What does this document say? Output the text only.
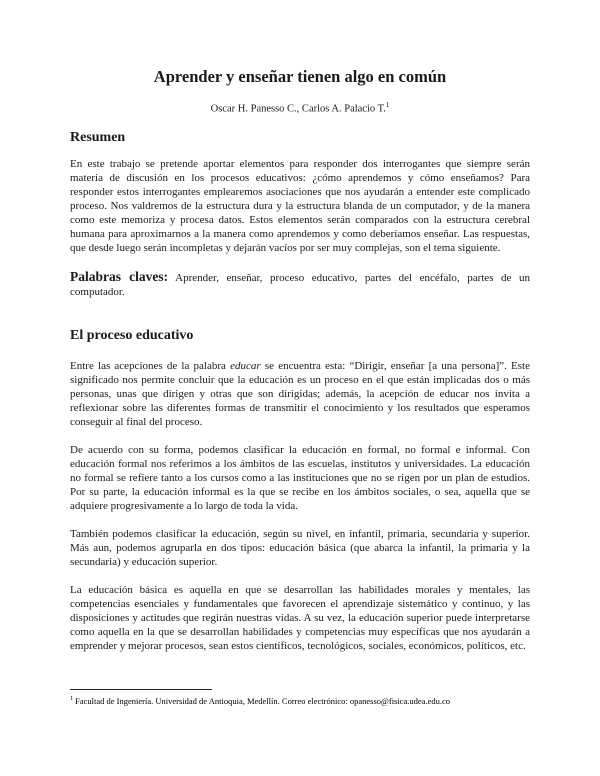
Aprender y enseñar tienen algo en común
Oscar H. Panesso C., Carlos A. Palacio T.$^1$
Resumen

En este trabajo se pretende aportar elementos para responder dos interrogantes que siempre serán materia de discusión en los procesos educativos: ¿cómo aprendemos y cómo enseñamos? Para responder estos interrogantes emplearemos asociaciones que nos ayudarán a entender este complicado proceso. Nos valdremos de la estructura dura y la estructura blanda de un computador, y de la manera como este memoriza y procesa datos. Estos elementos serán comparados con la estructura cerebral humana para aproximarnos a la manera como aprendemos y como deberíamos enseñar. Las respuestas, que desde luego serán incompletas y dejarán vacíos por ser muy complejas, son el tema siguiente.

Palabras claves: Aprender, enseñar, proceso educativo, partes del encéfalo, partes de un computador.
El proceso educativo

Entre las acepciones de la palabra educar se encuentra esta: “Dirigir, enseñar [a una persona]”. Este significado nos permite concluir que la educación es un proceso en el que están implicadas dos o más personas, unas que dirigen y otras que son dirigidas; además, la acepción de educar nos invita a reflexionar sobre las diferentes formas de transmitir el conocimiento y los resultados que esperamos conseguir al final del proceso.

De acuerdo con su forma, podemos clasificar la educación en formal, no formal e informal. Con educación formal nos referimos a los ámbitos de las escuelas, institutos y universidades. La educación no formal se refiere tanto a los cursos como a las instituciones que no se rigen por un plan de estudios. Por su parte, la educación informal es la que se recibe en los ámbitos sociales, o sea, aquella que se adquiere progresivamente a lo largo de toda la vida.

También podemos clasificar la educación, según su nivel, en infantil, primaria, secundaria y superior. Más aun, podemos agruparla en dos tipos: educación básica (que abarca la infantil, la primaria y la secundaria) y educación superior.

La educación básica es aquella en que se desarrollan las habilidades morales y mentales, las competencias esenciales y fundamentales que favorecen el aprendizaje sistemático y continuo, y las disposiciones y actitudes que regirán nuestras vidas. A su vez, la educación superior puede interpretarse como aquella en la que se desarrollan habilidades y competencias muy específicas que nos ayudarán a emprender y mejorar procesos, sean estos científicos, tecnológicos, sociales, económicos, políticos, etc.

$^1$ Facultad de Ingeniería. Universidad de Antioquia, Medellín. Correo electrónico: opanesso@fisica.udea.edu.co
